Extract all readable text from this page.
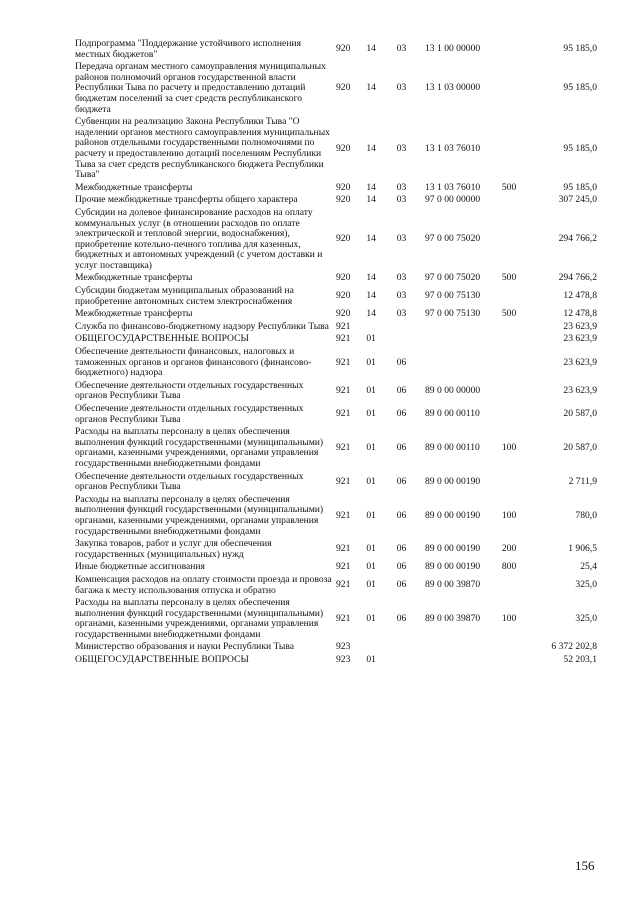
Подпрограмма "Поддержание устойчивого исполнения местных бюджетов"	920	14	03	13 1 00 00000		95 185,0
Передача органам местного самоуправления муниципальных районов полномочий органов государственной власти Республики Тыва по расчету и предоставлению дотаций бюджетам поселений за счет средств республиканского бюджета	920	14	03	13 1 03 00000		95 185,0
Субвенции на реализацию Закона Республики Тыва "О наделении органов местного самоуправления муниципальных районов отдельными государственными полномочиями по расчету и предоставлению дотаций поселениям Республики Тыва за счет средств республиканского бюджета Республики Тыва"	920	14	03	13 1 03 76010		95 185,0
Межбюджетные трансферты	920	14	03	13 1 03 76010	500	95 185,0
Прочие межбюджетные трансферты общего характера	920	14	03	97 0 00 00000		307 245,0
Субсидии на долевое финансирование расходов на оплату коммунальных услуг (в отношении расходов по оплате электрической и тепловой энергии, водоснабжения), приобретение котельно-печного топлива для казенных, бюджетных и автономных учреждений (с учетом доставки и услуг поставщика)	920	14	03	97 0 00 75020		294 766,2
Межбюджетные трансферты	920	14	03	97 0 00 75020	500	294 766,2
Субсидии бюджетам муниципальных образований на приобретение автономных систем электроснабжения	920	14	03	97 0 00 75130		12 478,8
Межбюджетные трансферты	920	14	03	97 0 00 75130	500	12 478,8
Служба по финансово-бюджетному надзору Республики Тыва	921					23 623,9
ОБЩЕГОСУДАРСТВЕННЫЕ ВОПРОСЫ	921	01				23 623,9
Обеспечение деятельности финансовых, налоговых и таможенных органов и органов финансового (финансово-бюджетного) надзора	921	01	06			23 623,9
Обеспечение деятельности отдельных государственных органов Республики Тыва	921	01	06	89 0 00 00000		23 623,9
Обеспечение деятельности отдельных государственных органов Республики Тыва	921	01	06	89 0 00 00110		20 587,0
Расходы на выплаты персоналу в целях обеспечения выполнения функций государственными (муниципальными) органами, казенными учреждениями, органами управления государственными внебюджетными фондами	921	01	06	89 0 00 00110	100	20 587,0
Обеспечение деятельности отдельных государственных органов Республики Тыва	921	01	06	89 0 00 00190		2 711,9
Расходы на выплаты персоналу в целях обеспечения выполнения функций государственными (муниципальными) органами, казенными учреждениями, органами управления государственными внебюджетными фондами	921	01	06	89 0 00 00190	100	780,0
Закупка товаров, работ и услуг для обеспечения государственных (муниципальных) нужд	921	01	06	89 0 00 00190	200	1 906,5
Иные бюджетные ассигнования	921	01	06	89 0 00 00190	800	25,4
Компенсация расходов на оплату стоимости проезда и провоза багажа к месту использования отпуска и обратно	921	01	06	89 0 00 39870		325,0
Расходы на выплаты персоналу в целях обеспечения выполнения функций государственными (муниципальными) органами, казенными учреждениями, органами управления государственными внебюджетными фондами	921	01	06	89 0 00 39870	100	325,0
Министерство образования и науки Республики Тыва	923					6 372 202,8
ОБЩЕГОСУДАРСТВЕННЫЕ ВОПРОСЫ	923	01				52 203,1
156
